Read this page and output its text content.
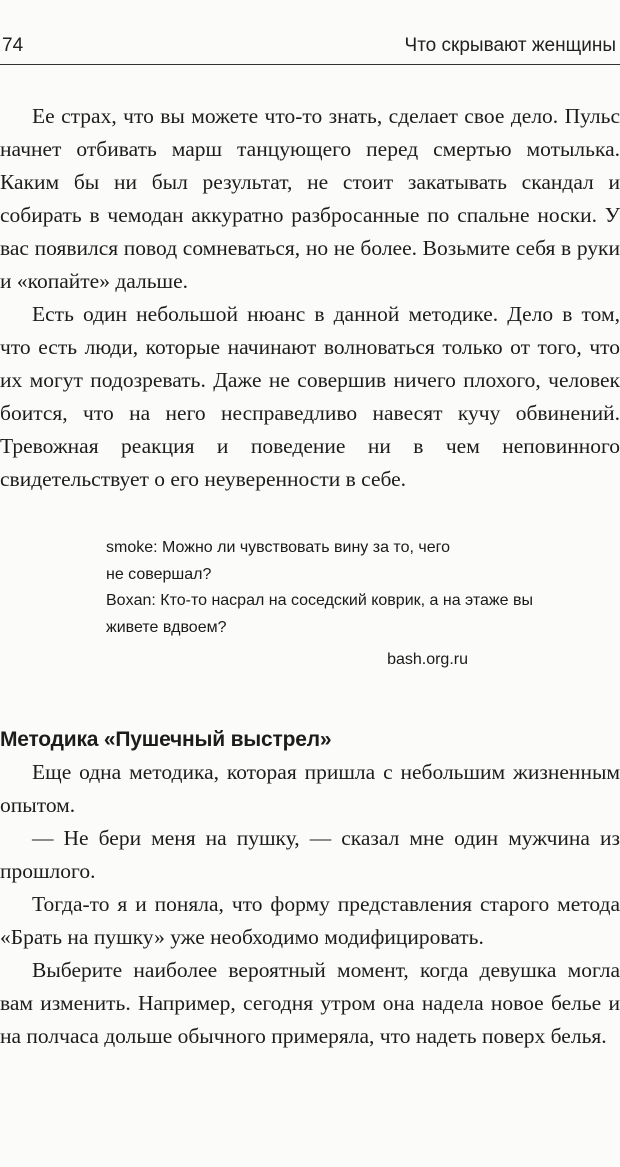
74	Что скрывают женщины

Ее страх, что вы можете что-то знать, сделает свое дело. Пульс начнет отбивать марш танцующего перед смертью мотылька. Каким бы ни был результат, не стоит закатывать скандал и собирать в чемодан аккуратно разбросанные по спальне носки. У вас появился повод сомневаться, но не более. Возьмите себя в руки и «копайте» дальше.

Есть один небольшой нюанс в данной методике. Дело в том, что есть люди, которые начинают волноваться только от того, что их могут подозревать. Даже не совершив ничего плохого, человек боится, что на него несправедливо навесят кучу обвинений. Тревожная реакция и поведение ни в чем неповинного свидетельствует о его неуверенности в себе.

smoke: Можно ли чувствовать вину за то, чего
не совершал?
Boxan: Кто-то насрал на соседский коврик, а на этаже вы
живете вдвоем?
bash.org.ru
Методика «Пушечный выстрел»

Еще одна методика, которая пришла с небольшим жизненным опытом.

— Не бери меня на пушку, — сказал мне один мужчина из прошлого.

Тогда-то я и поняла, что форму представления старого метода «Брать на пушку» уже необходимо модифицировать.

Выберите наиболее вероятный момент, когда девушка могла вам изменить. Например, сегодня утром она надела новое белье и на полчаса дольше обычного примеряла, что надеть поверх белья.
